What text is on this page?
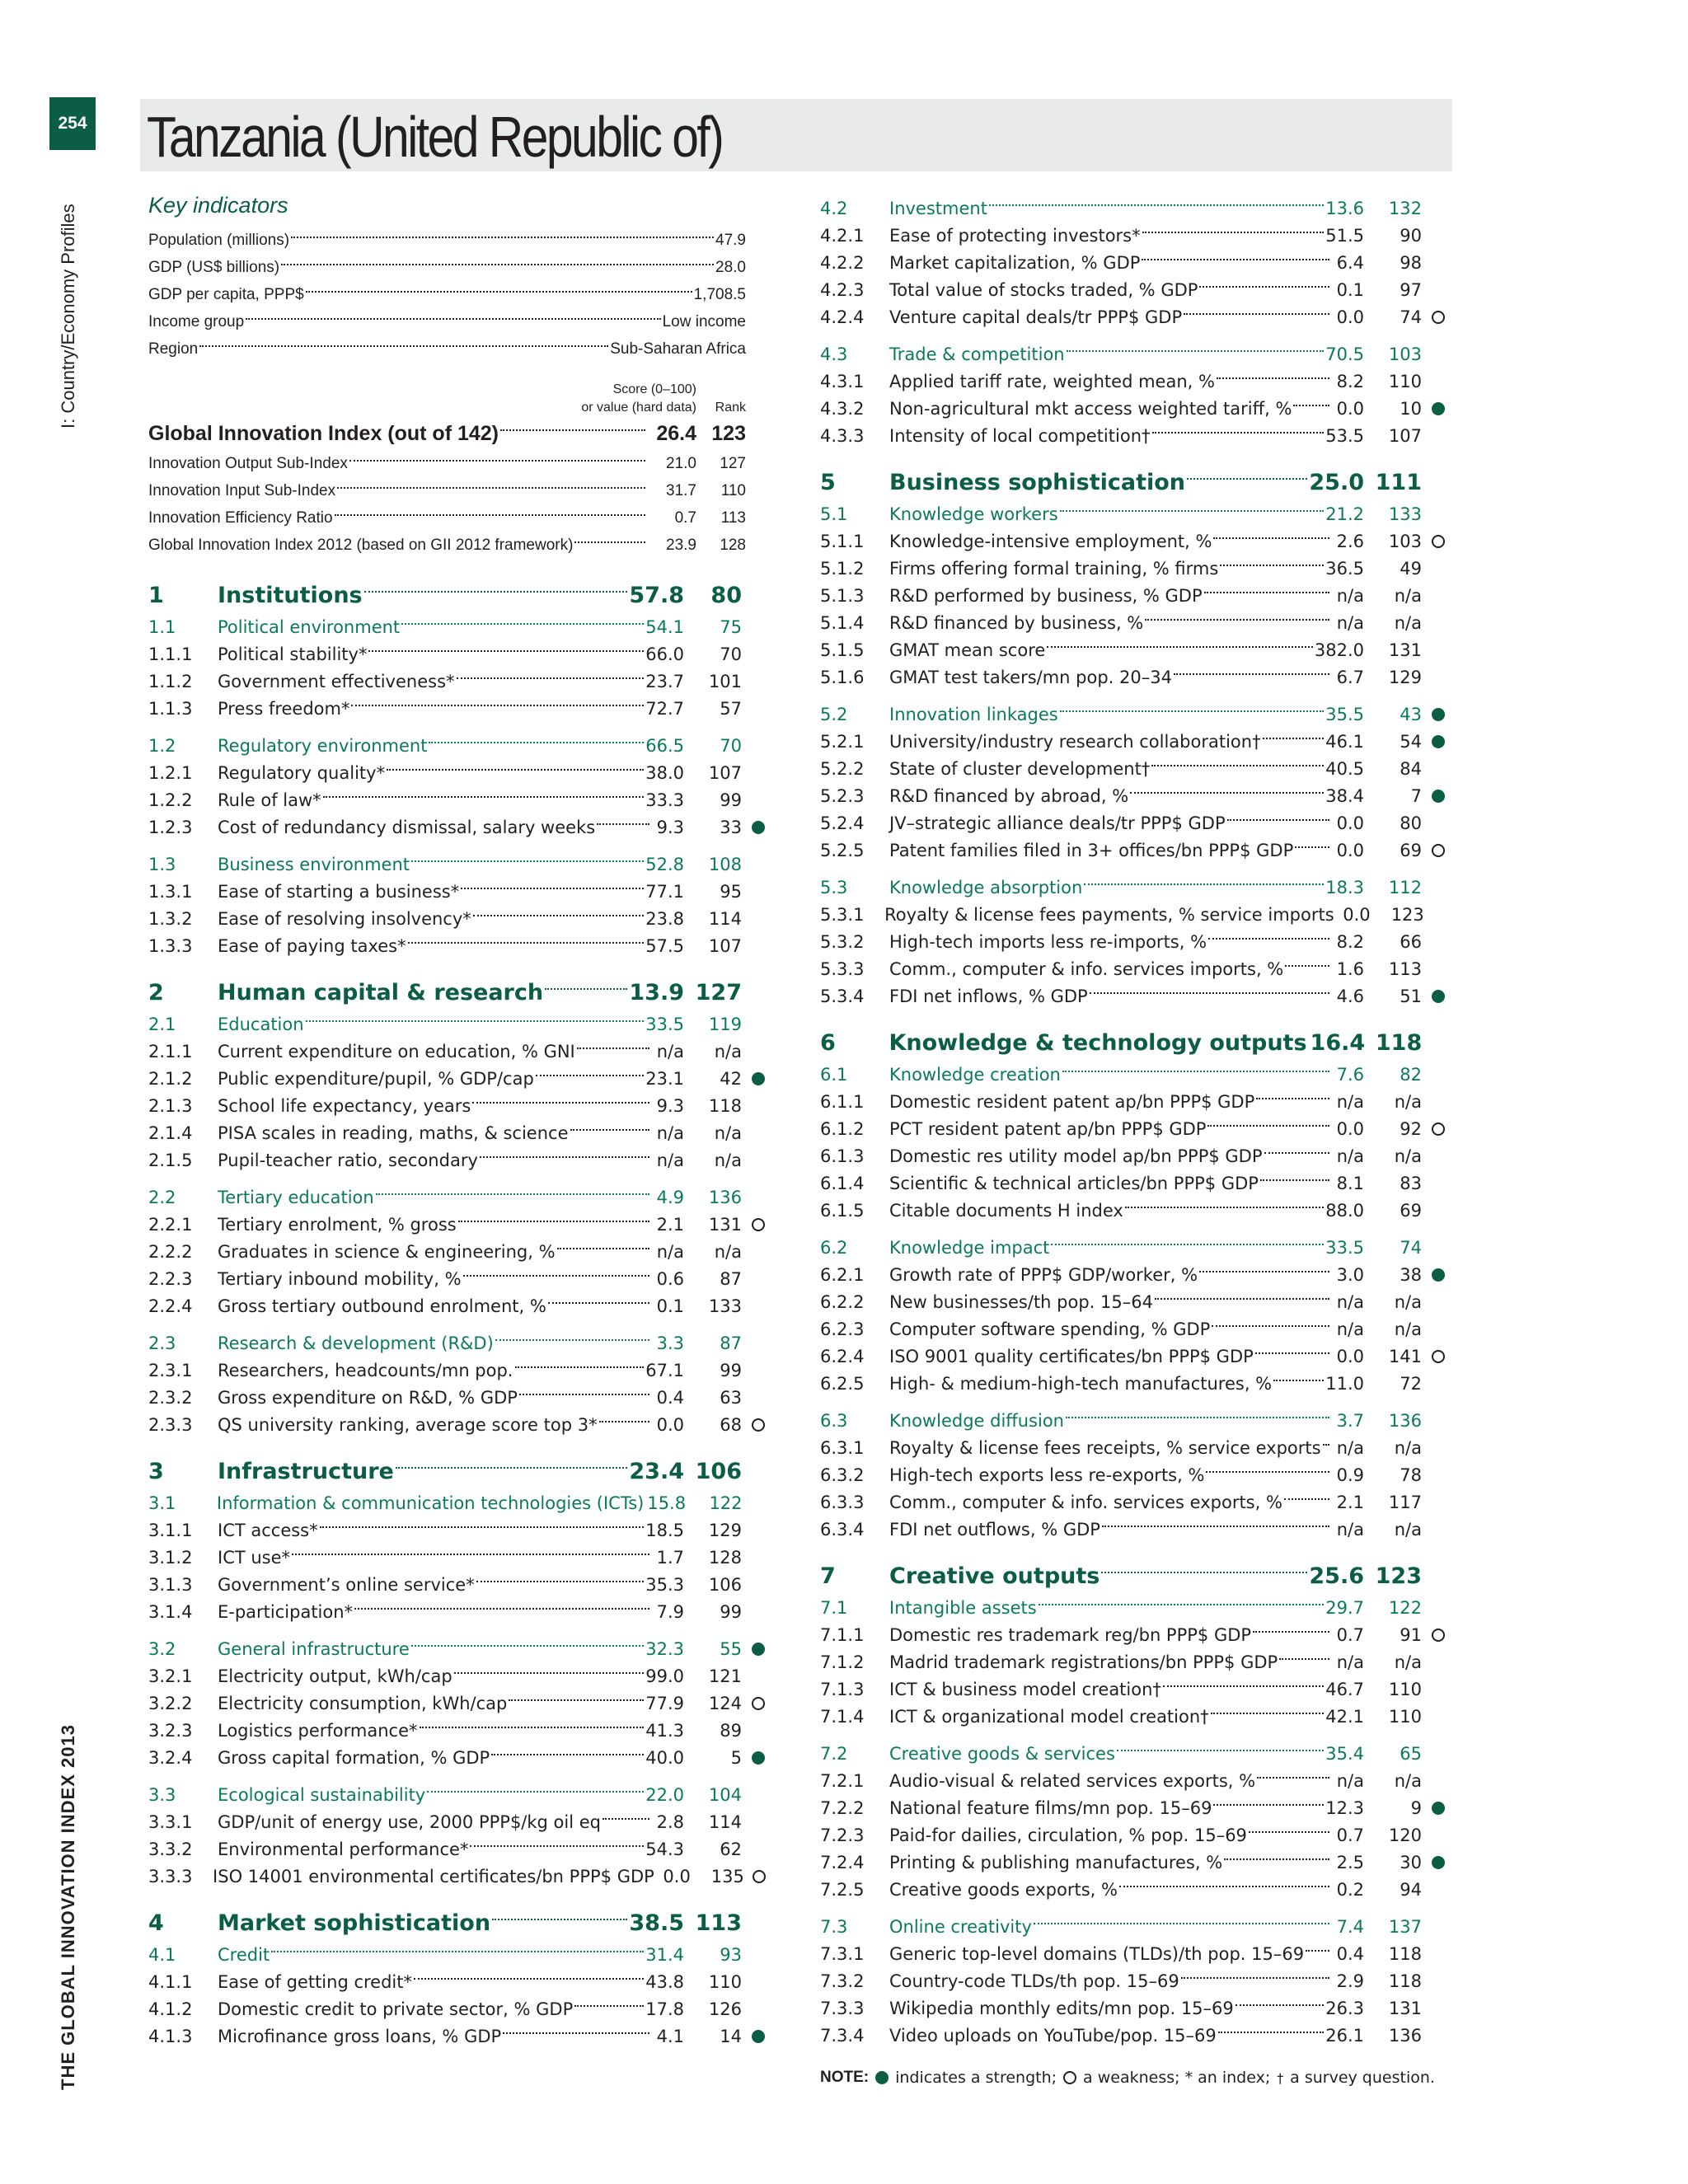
254 Tanzania (United Republic of)
I: Country/Economy Profiles
THE GLOBAL INNOVATION INDEX 2013
Key indicators
Population (millions)	47.9
GDP (US$ billions)	28.0
GDP per capita, PPP$	1,708.5
Income group	Low income
Region	Sub-Saharan Africa
Score (0–100)
or value (hard data) Rank
Global Innovation Index (out of 142)	26.4 123
Innovation Output Sub-Index	21.0	127
Innovation Input Sub-Index	31.7	110
Innovation Efficiency Ratio	0.7	113
Global Innovation Index 2012 (based on GII 2012 framework)	23.9	128
1	Institutions	57.8	80
1.1	Political environment	54.1	75
1.1.1	Political stability*	66.0	70
1.1.2	Government effectiveness*	23.7	101
1.1.3	Press freedom*	72.7	57
1.2	Regulatory environment	66.5	70
1.2.1	Regulatory quality*	38.0	107
1.2.2	Rule of law*	33.3	99
1.2.3	Cost of redundancy dismissal, salary weeks	9.3	33
1.3	Business environment	52.8	108
1.3.1	Ease of starting a business*	77.1	95
1.3.2	Ease of resolving insolvency*	23.8	114
1.3.3	Ease of paying taxes*	57.5	107
2	Human capital & research	13.9 127
2.1	Education	33.5	119
2.1.1	Current expenditure on education, % GNI	n/a	n/a
2.1.2	Public expenditure/pupil, % GDP/cap	23.1	42
2.1.3	School life expectancy, years	9.3	118
2.1.4	PISA scales in reading, maths, & science	n/a	n/a
2.1.5	Pupil-teacher ratio, secondary	n/a	n/a
2.2	Tertiary education	4.9	136
2.2.1	Tertiary enrolment, % gross	2.1	131
2.2.2	Graduates in science & engineering, %	n/a	n/a
2.2.3	Tertiary inbound mobility, %	0.6	87
2.2.4	Gross tertiary outbound enrolment, %	0.1	133
2.3	Research & development (R&D)	3.3	87
2.3.1	Researchers, headcounts/mn pop.	67.1	99
2.3.2	Gross expenditure on R&D, % GDP	0.4	63
2.3.3	QS university ranking, average score top 3*	0.0	68
3	Infrastructure	23.4 106
3.1	Information & communication technologies (ICTs) 15.8	122
3.1.1	ICT access*	18.5	129
3.1.2	ICT use*	1.7	128
3.1.3	Government’s online service*	35.3	106
3.1.4	E-participation*	7.9	99
3.2	General infrastructure	32.3	55
3.2.1	Electricity output, kWh/cap	99.0	121
3.2.2	Electricity consumption, kWh/cap	77.9	124
3.2.3	Logistics performance*	41.3	89
3.2.4	Gross capital formation, % GDP	40.0	5
3.3	Ecological sustainability	22.0	104
3.3.1	GDP/unit of energy use, 2000 PPP$/kg oil eq	2.8	114
3.3.2	Environmental performance*	54.3	62
3.3.3	ISO 14001 environmental certificates/bn PPP$ GDP 0.0	135
4	Market sophistication	38.5 113
4.1	Credit	31.4	93
4.1.1	Ease of getting credit*	43.8	110
4.1.2	Domestic credit to private sector, % GDP	17.8	126
4.1.3	Microfinance gross loans, % GDP	4.1	14
4.2	Investment	13.6	132
4.2.1	Ease of protecting investors*	51.5	90
4.2.2	Market capitalization, % GDP	6.4	98
4.2.3	Total value of stocks traded, % GDP	0.1	97
4.2.4	Venture capital deals/tr PPP$ GDP	0.0	74
4.3	Trade & competition	70.5	103
4.3.1	Applied tariff rate, weighted mean, %	8.2	110
4.3.2	Non-agricultural mkt access weighted tariff, %	0.0	10
4.3.3	Intensity of local competition†	53.5	107
5	Business sophistication	25.0 111
5.1	Knowledge workers	21.2	133
5.1.1	Knowledge-intensive employment, %	2.6	103
5.1.2	Firms offering formal training, % firms	36.5	49
5.1.3	R&D performed by business, % GDP	n/a	n/a
5.1.4	R&D financed by business, %	n/a	n/a
5.1.5	GMAT mean score	382.0	131
5.1.6	GMAT test takers/mn pop. 20–34	6.7	129
5.2	Innovation linkages	35.5	43
5.2.1	University/industry research collaboration†	46.1	54
5.2.2	State of cluster development†	40.5	84
5.2.3	R&D financed by abroad, %	38.4	7
5.2.4	JV–strategic alliance deals/tr PPP$ GDP	0.0	80
5.2.5	Patent families filed in 3+ offices/bn PPP$ GDP	0.0	69
5.3	Knowledge absorption	18.3	112
5.3.1	Royalty & license fees payments, % service imports 0.0	123
5.3.2	High-tech imports less re-imports, %	8.2	66
5.3.3	Comm., computer & info. services imports, %	1.6	113
5.3.4	FDI net inflows, % GDP	4.6	51
6	Knowledge & technology outputs 16.4 118
6.1	Knowledge creation	7.6	82
6.1.1	Domestic resident patent ap/bn PPP$ GDP	n/a	n/a
6.1.2	PCT resident patent ap/bn PPP$ GDP	0.0	92
6.1.3	Domestic res utility model ap/bn PPP$ GDP	n/a	n/a
6.1.4	Scientific & technical articles/bn PPP$ GDP	8.1	83
6.1.5	Citable documents H index	88.0	69
6.2	Knowledge impact	33.5	74
6.2.1	Growth rate of PPP$ GDP/worker, %	3.0	38
6.2.2	New businesses/th pop. 15–64	n/a	n/a
6.2.3	Computer software spending, % GDP	n/a	n/a
6.2.4	ISO 9001 quality certificates/bn PPP$ GDP	0.0	141
6.2.5	High- & medium-high-tech manufactures, %	11.0	72
6.3	Knowledge diffusion	3.7	136
6.3.1	Royalty & license fees receipts, % service exports n/a	n/a
6.3.2	High-tech exports less re-exports, %	0.9	78
6.3.3	Comm., computer & info. services exports, %	2.1	117
6.3.4	FDI net outflows, % GDP	n/a	n/a
7	Creative outputs	25.6 123
7.1	Intangible assets	29.7	122
7.1.1	Domestic res trademark reg/bn PPP$ GDP	0.7	91
7.1.2	Madrid trademark registrations/bn PPP$ GDP	n/a	n/a
7.1.3	ICT & business model creation†	46.7	110
7.1.4	ICT & organizational model creation†	42.1	110
7.2	Creative goods & services	35.4	65
7.2.1	Audio-visual & related services exports, %	n/a	n/a
7.2.2	National feature films/mn pop. 15–69	12.3	9
7.2.3	Paid-for dailies, circulation, % pop. 15–69	0.7	120
7.2.4	Printing & publishing manufactures, %	2.5	30
7.2.5	Creative goods exports, %	0.2	94
7.3	Online creativity	7.4	137
7.3.1	Generic top-level domains (TLDs)/th pop. 15–69	0.4	118
7.3.2	Country-code TLDs/th pop. 15–69	2.9	118
7.3.3	Wikipedia monthly edits/mn pop. 15–69	26.3	131
7.3.4	Video uploads on YouTube/pop. 15–69	26.1	136
NOTE: indicates a strength; a weakness; * an index; † a survey question.
